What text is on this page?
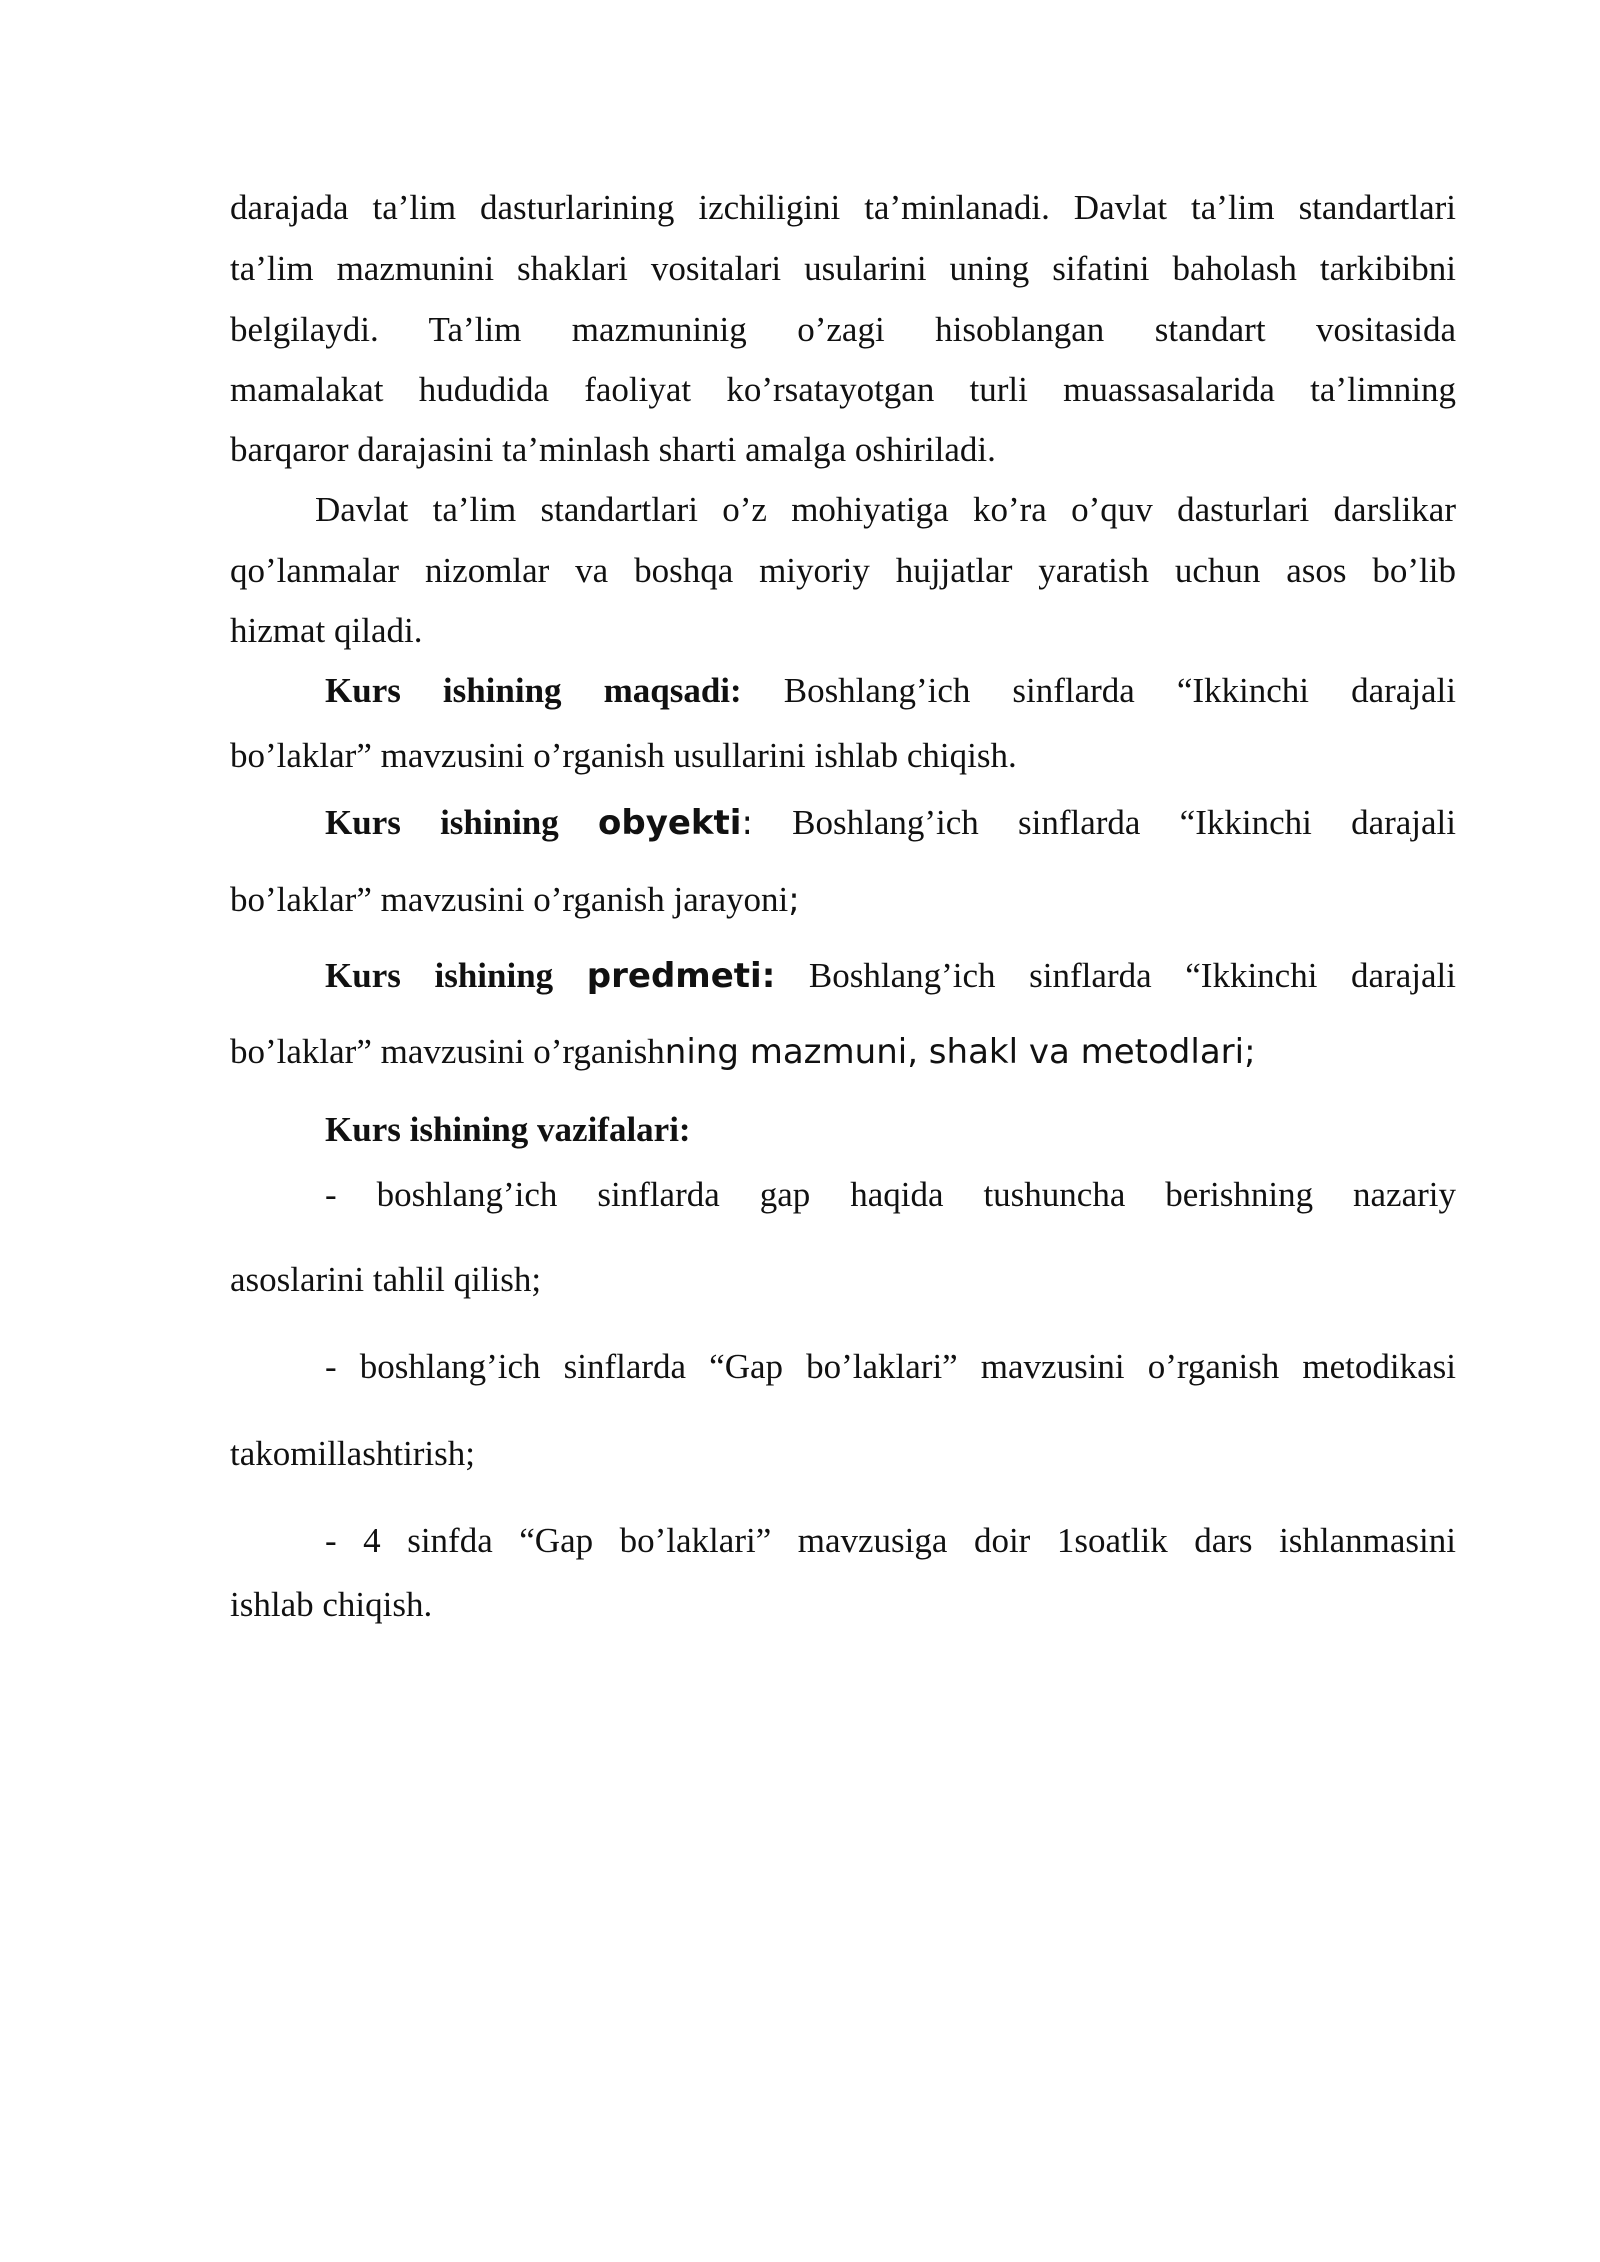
darajada ta’lim dasturlarining izchiligini ta’minlanadi. Davlat ta’lim standartlari
ta’lim mazmunini shaklari vositalari usularini uning sifatini baholash tarkibibni
belgilaydi. Ta’lim mazmuninig o’zagi hisoblangan standart vositasida
mamalakat hududida faoliyat ko’rsatayotgan turli muassasalarida ta’limning
barqaror darajasini ta’minlash sharti amalga oshiriladi.
Davlat ta’lim standartlari o’z mohiyatiga ko’ra o’quv dasturlari darslikar
qo’lanmalar nizomlar va boshqa miyoriy hujjatlar yaratish uchun asos bo’lib
hizmat qiladi.
Kurs ishining maqsadi: Boshlang’ich sinflarda “Ikkinchi darajali
bo’laklar” mavzusini o’rganish usullarini ishlab chiqish.
Kurs ishining obyekti: Boshlang’ich sinflarda “Ikkinchi darajali
bo’laklar” mavzusini o’rganish jarayoni;
Kurs ishining predmeti: Boshlang’ich sinflarda “Ikkinchi darajali
bo’laklar” mavzusini o’rganishning mazmuni, shakl va metodlari;
Kurs ishining vazifalari:
- boshlang’ich sinflarda gap haqida tushuncha berishning nazariy
asoslarini tahlil qilish;
- boshlang’ich sinflarda “Gap bo’laklari” mavzusini o’rganish metodikasi
takomillashtirish;
- 4 sinfda “Gap bo’laklari” mavzusiga doir 1soatlik dars ishlanmasini
ishlab chiqish.
